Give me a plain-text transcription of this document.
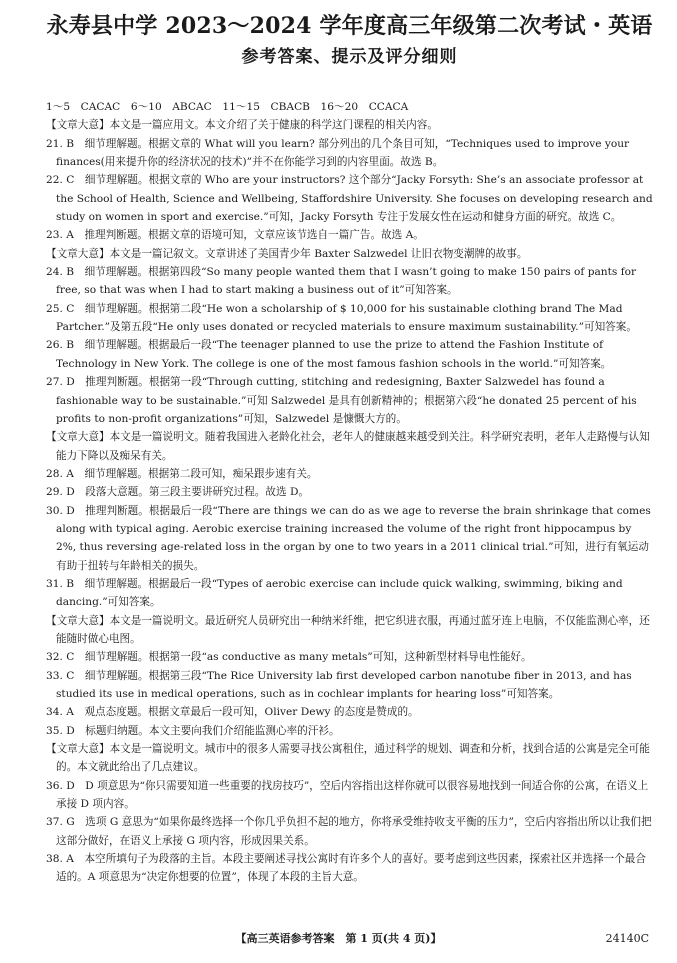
永寿县中学 2023～2024 学年度高三年级第二次考试・英语
参考答案、提示及评分细则

1～5　CACAC　6～10　ABCAC　11～15　CBACB　16～20　CCACA

【文章大意】本文是一篇应用文。本文介绍了关于健康的科学这门课程的相关内容。

21. B　细节理解题。根据文章的 What will you learn? 部分列出的几个条目可知，“Techniques used to improve your finances(用来提升你的经济状况的技术)”并不在你能学习到的内容里面。故选 B。

22. C　细节理解题。根据文章的 Who are your instructors? 这个部分“Jacky Forsyth: She’s an associate professor at the School of Health, Science and Wellbeing, Staffordshire University. She focuses on developing research and study on women in sport and exercise.”可知，Jacky Forsyth 专注于发展女性在运动和健身方面的研究。故选 C。

23. A　推理判断题。根据文章的语境可知，文章应该节选自一篇广告。故选 A。

【文章大意】本文是一篇记叙文。文章讲述了美国青少年 Baxter Salzwedel 让旧衣物变潮牌的故事。

24. B　细节理解题。根据第四段“So many people wanted them that I wasn’t going to make 150 pairs of pants for free, so that was when I had to start making a business out of it”可知答案。

25. C　细节理解题。根据第二段“He won a scholarship of $ 10,000 for his sustainable clothing brand The Mad Partcher.”及第五段“He only uses donated or recycled materials to ensure maximum sustainability.”可知答案。

26. B　细节理解题。根据最后一段“The teenager planned to use the prize to attend the Fashion Institute of Technology in New York. The college is one of the most famous fashion schools in the world.”可知答案。

27. D　推理判断题。根据第一段“Through cutting, stitching and redesigning, Baxter Salzwedel has found a fashionable way to be sustainable.”可知 Salzwedel 是具有创新精神的；根据第六段“he donated 25 percent of his profits to non-profit organizations”可知，Salzwedel 是慷慨大方的。

【文章大意】本文是一篇说明文。随着我国进入老龄化社会，老年人的健康越来越受到关注。科学研究表明，老年人走路慢与认知能力下降以及痴呆有关。

28. A　细节理解题。根据第二段可知，痴呆跟步速有关。

29. D　段落大意题。第三段主要讲研究过程。故选 D。

30. D　推理判断题。根据最后一段“There are things we can do as we age to reverse the brain shrinkage that comes along with typical aging. Aerobic exercise training increased the volume of the right front hippocampus by 2%, thus reversing age-related loss in the organ by one to two years in a 2011 clinical trial.”可知，进行有氧运动有助于扭转与年龄相关的损失。

31. B　细节理解题。根据最后一段“Types of aerobic exercise can include quick walking, swimming, biking and dancing.”可知答案。

【文章大意】本文是一篇说明文。最近研究人员研究出一种纳米纤维，把它织进衣服，再通过蓝牙连上电脑，不仅能监测心率，还能随时做心电图。

32. C　细节理解题。根据第一段“as conductive as many metals”可知，这种新型材料导电性能好。

33. C　细节理解题。根据第三段“The Rice University lab first developed carbon nanotube fiber in 2013, and has studied its use in medical operations, such as in cochlear implants for hearing loss”可知答案。

34. A　观点态度题。根据文章最后一段可知，Oliver Dewy 的态度是赞成的。

35. D　标题归纳题。本文主要向我们介绍能监测心率的汗衫。

【文章大意】本文是一篇说明文。城市中的很多人需要寻找公寓租住，通过科学的规划、调查和分析，找到合适的公寓是完全可能的。本文就此给出了几点建议。

36. D　D 项意思为“你只需要知道一些重要的找房技巧”，空后内容指出这样你就可以很容易地找到一间适合你的公寓，在语义上承接 D 项内容。

37. G　选项 G 意思为“如果你最终选择一个你几乎负担不起的地方，你将承受维持收支平衡的压力”，空后内容指出所以让我们把这部分做好，在语义上承接 G 项内容，形成因果关系。

38. A　本空所填句子为段落的主旨。本段主要阐述寻找公寓时有许多个人的喜好。要考虑到这些因素，探索社区并选择一个最合适的。A 项意思为“决定你想要的位置”，体现了本段的主旨大意。

【高三英语参考答案　第 1 页(共 4 页)】	24140C
